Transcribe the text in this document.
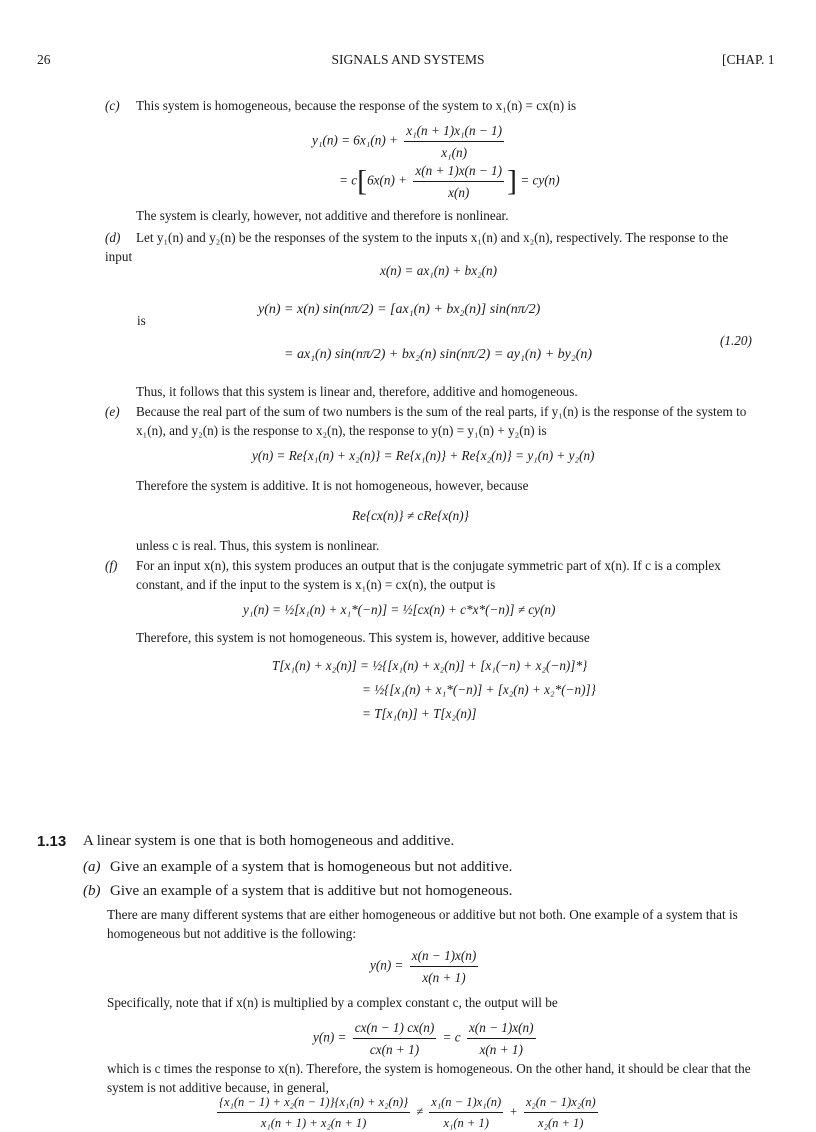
26	SIGNALS AND SYSTEMS	[CHAP. 1
(c) This system is homogeneous, because the response of the system to x₁(n) = cx(n) is
$y_1(n) = 6x_1(n) + \frac{\text{x₁(n + 1)x₁(n − 1)}}{\text{x₁(n)}}$
= $c[6x(n) + \frac{x(n + 1)x(n - 1)}{x(n)}$ ] = cy(n)
The system is clearly, however, not additive and therefore is nonlinear.
(d) Let y₁(n) and y₂(n) be the responses of the system to the inputs x₁(n) and x₂(n), respectively. The response to the input
x(n) = ax₁(n) + bx₂(n)
is
y(n) = x(n) sin(nπ/2) = [ax₁(n) + bx₂(n)] sin(nπ/2)
= ax₁(n) sin(nπ/2) + bx₂(n) sin(nπ/2) = ay₁(n) + by₂(n)
(1.20)
Thus, it follows that this system is linear and, therefore, additive and homogeneous.
(e) Because the real part of the sum of two numbers is the sum of the real parts, if y₁(n) is the response of the system to x₁(n), and y₂(n) is the response to x₂(n), the response to y(n) = y₁(n) + y₂(n) is
y(n) = Re{x₁(n) + x₂(n)} = Re{x₁(n)} + Re{x₂(n)} = y₁(n) + y₂(n)
Therefore the system is additive. It is not homogeneous, however, because
Re{cx(n)} ≠ cRe{x(n)}
unless c is real. Thus, this system is nonlinear.
(f) For an input x(n), this system produces an output that is the conjugate symmetric part of x(n). If c is a complex constant, and if the input to the system is x₁(n) = cx(n), the output is
y₁(n) = ½[x₁(n) + x₁*(−n)] = ½[cx(n) + c*x*(−n)] ≠ cy(n)
Therefore, this system is not homogeneous. This system is, however, additive because
T[x₁(n) + x₂(n)] = ½{[x₁(n) + x₂(n)] + [x₁(−n) + x₂(−n)]*}
= ½{[x₁(n) + x₁*(−n)] + [x₂(n) + x₂*(−n)]}
= T[x₁(n)] + T[x₂(n)]
1.13 A linear system is one that is both homogeneous and additive.
(a) Give an example of a system that is homogeneous but not additive.
(b) Give an example of a system that is additive but not homogeneous.
There are many different systems that are either homogeneous or additive but not both. One example of a system that is homogeneous but not additive is the following:
$y(n) = \frac{x(n - 1)x(n)}{x(n + 1)}$
Specifically, note that if x(n) is multiplied by a complex constant c, the output will be
$y(n) = \frac{cx(n - 1) cx(n)}{cx(n + 1)} = c \frac{x(n - 1)x(n)}{x(n + 1)}$
which is c times the response to x(n). Therefore, the system is homogeneous. On the other hand, it should be clear that the system is not additive because, in general,
$\frac{\text{\{x₁(n − 1) + x₂(n − 1)\}\{x₁(n) + x₂(n)\}}}{\text{x₁(n + 1) + x₂(n + 1)}} \ne \frac{\text{x₁(n − 1)x₁(n)}}{\text{x₁(n + 1)}} + \frac{\text{x₂(n − 1)x₂(n)}}{\text{x₂(n + 1)}}$
